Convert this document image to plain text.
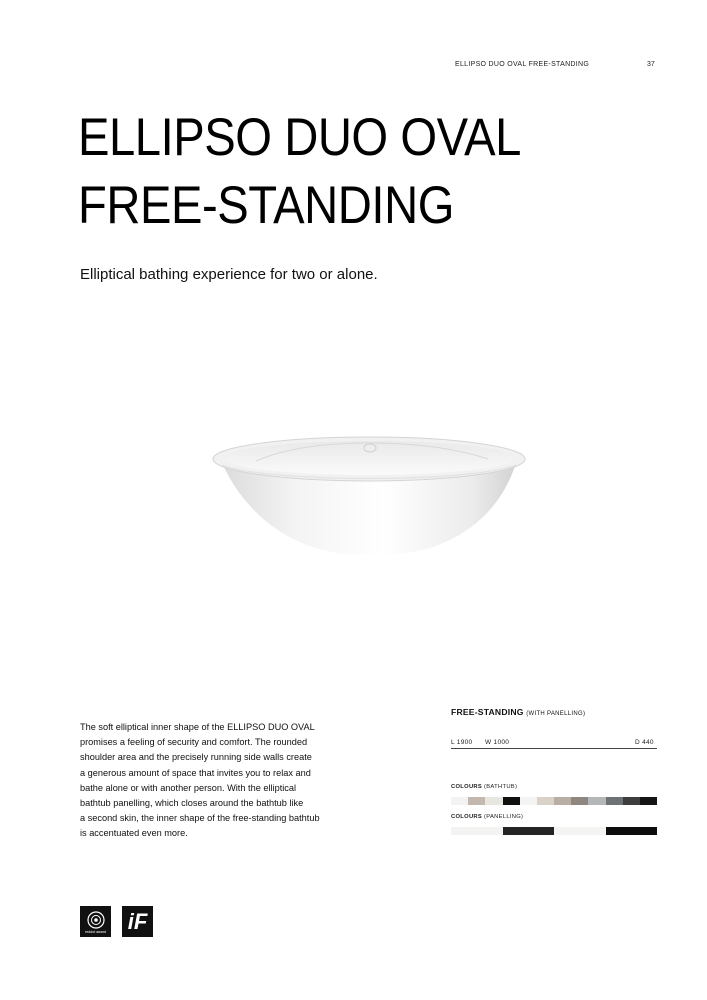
ELLIPSO DUO OVAL FREE-STANDING	37
ELLIPSO DUO OVAL
FREE-STANDING
Elliptical bathing experience for two or alone.
The soft elliptical inner shape of the ELLIPSO DUO OVAL
promises a feeling of security and comfort. The rounded
shoulder area and the precisely running side walls create
a generous amount of space that invites you to relax and
bathe alone or with another person. With the elliptical
bathtub panelling, which closes around the bathtub like
a second skin, the inner shape of the free-standing bathtub
is accentuated even more.
FREE-STANDING (WITH PANELLING)
L 1900 W 1000	D 440
COLOURS (BATHTUB)
COLOURS (PANELLING)
reddot award iF
